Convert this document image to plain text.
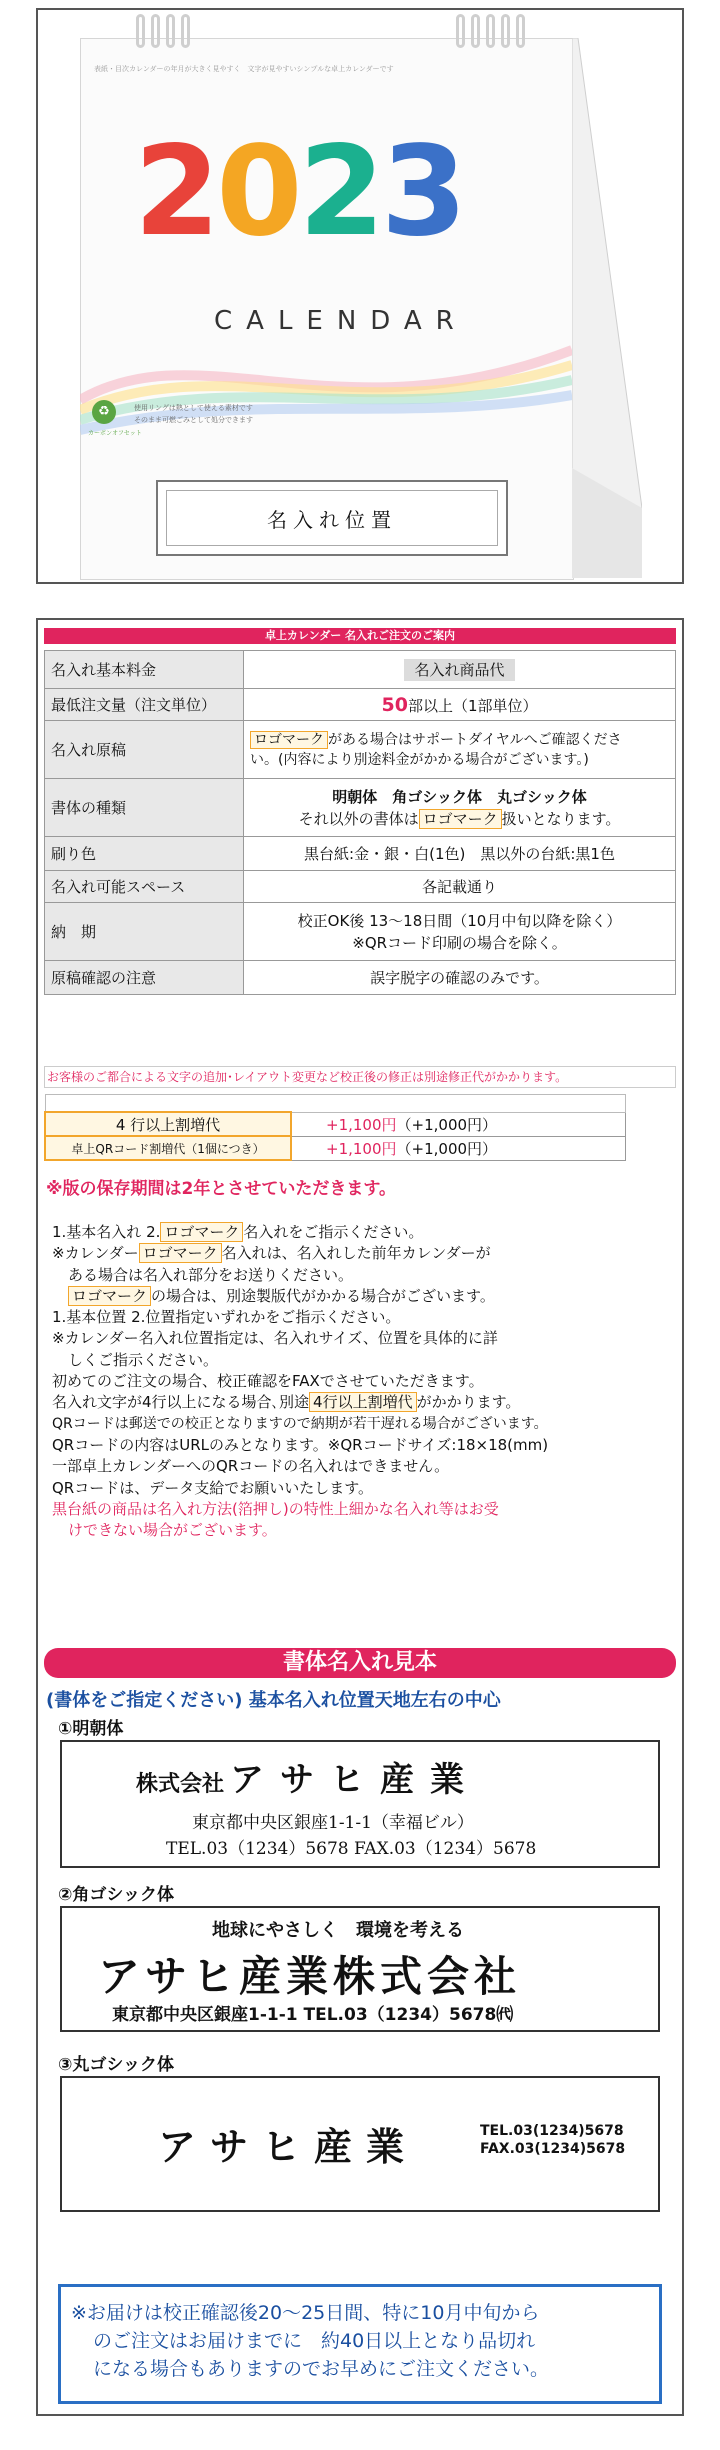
表紙・目次カレンダーの年月が大きく見やすく　文字が見やすいシンプルな卓上カレンダーです
2023
CALENDAR
♻
カーボンオフセット
使用リングは熱として使える素材です
そのまま可燃ごみとして処分できます
名入れ位置
卓上カレンダー 名入れご注文のご案内
名入れ基本料金	名入れ商品代
最低注文量（注文単位）	50部以上（1部単位）
名入れ原稿	ロゴマーク がある場合はサポートダイヤルへご確認くださ
い。(内容により別途料金がかかる場合がございます。)

書体の種類	明朝体　角ゴシック体　丸ゴシック体
それ以外の書体は ロゴマーク 扱いとなります。

刷り色	黒台紙:金・銀・白(1色)　黒以外の台紙:黒1色
名入れ可能スペース	各記載通り
納　期	校正OK後 13～18日間（10月中旬以降を除く）
※QRコード印刷の場合を除く。

原稿確認の注意	誤字脱字の確認のみです。
お客様のご都合による文字の追加･レイアウト変更など校正後の修正は別途修正代がかかります。

4 行以上割増代	+1,100円（+1,000円）
卓上QRコード割増代（1個につき）	+1,100円（+1,000円）
※版の保存期間は2年とさせていただきます。

1.基本名入れ 2. ロゴマーク 名入れをご指示ください。

※カレンダー ロゴマーク 名入れは、名入れした前年カレンダーが

ある場合は名入れ部分をお送りください。

ロゴマーク の場合は、別途製版代がかかる場合がございます。

1.基本位置 2.位置指定いずれかをご指示ください。

※カレンダー名入れ位置指定は、名入れサイズ、位置を具体的に詳

しくご指示ください。

初めてのご注文の場合、校正確認をFAXでさせていただきます。

名入れ文字が4行以上になる場合､別途 4行以上割増代 がかかります。

QRコードは郵送での校正となりますので納期が若干遅れる場合がございます。

QRコードの内容はURLのみとなります。※QRコードサイズ:18×18(mm)

一部卓上カレンダーへのQRコードの名入れはできません。

QRコードは、データ支給でお願いいたします。

黒台紙の商品は名入れ方法(箔押し)の特性上細かな名入れ等はお受

けできない場合がございます。

書体名入れ見本
(書体をご指定ください) 基本名入れ位置天地左右の中心
①明朝体
株式会社 アサヒ産業
東京都中央区銀座1-1-1（幸福ビル）
TEL.03（1234）5678 FAX.03（1234）5678
②角ゴシック体
地球にやさしく　環境を考える
アサヒ産業株式会社
東京都中央区銀座1-1-1 TEL.03（1234）5678㈹
③丸ゴシック体
アサヒ産業	TEL.03(1234)5678
FAX.03(1234)5678

※お届けは校正確認後20～25日間、特に10月中旬から

のご注文はお届けまでに　約40日以上となり品切れ

になる場合もありますのでお早めにご注文ください。
